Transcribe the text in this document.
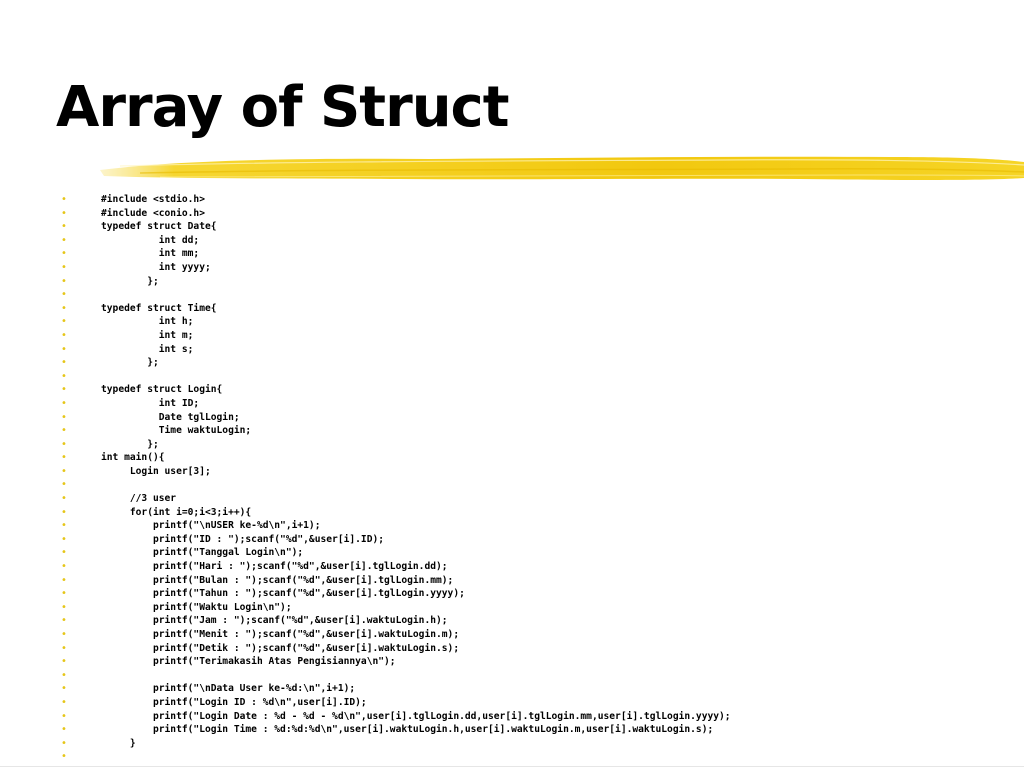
Array of Struct
•	#include <stdio.h>
•	#include <conio.h>
•	typedef struct Date{
•	int dd;
•	int mm;
•	int yyyy;
•	};
•
•	typedef struct Time{
•	int h;
•	int m;
•	int s;
•	};
•
•	typedef struct Login{
•	int ID;
•	Date tglLogin;
•	Time waktuLogin;
•	};
•	int main(){
•	Login user[3];
•
•	//3 user
•	for(int i=0;i<3;i++){
•	printf("\nUSER ke-%d\n",i+1);
•	printf("ID : ");scanf("%d",&user[i].ID);
•	printf("Tanggal Login\n");
•	printf("Hari : ");scanf("%d",&user[i].tglLogin.dd);
•	printf("Bulan : ");scanf("%d",&user[i].tglLogin.mm);
•	printf("Tahun : ");scanf("%d",&user[i].tglLogin.yyyy);
•	printf("Waktu Login\n");
•	printf("Jam : ");scanf("%d",&user[i].waktuLogin.h);
•	printf("Menit : ");scanf("%d",&user[i].waktuLogin.m);
•	printf("Detik : ");scanf("%d",&user[i].waktuLogin.s);
•	printf("Terimakasih Atas Pengisiannya\n");
•
•	printf("\nData User ke-%d:\n",i+1);
•	printf("Login ID : %d\n",user[i].ID);
•	printf("Login Date : %d - %d - %d\n",user[i].tglLogin.dd,user[i].tglLogin.mm,user[i].tglLogin.yyyy);
•	printf("Login Time : %d:%d:%d\n",user[i].waktuLogin.h,user[i].waktuLogin.m,user[i].waktuLogin.s);
•	}
•
